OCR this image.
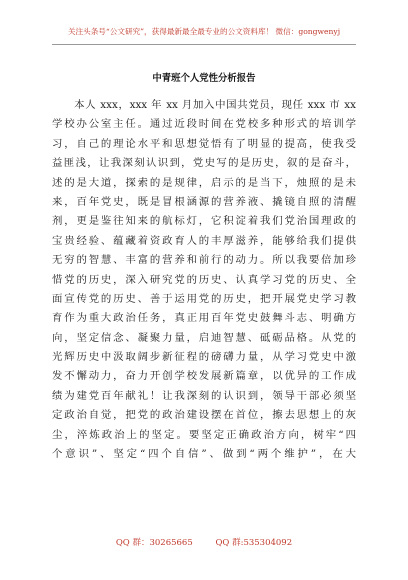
关注头条号“公文研究”，获得最新最全最专业的公文资料库！ 微信：gongwenyj
中青班个人党性分析报告
　　本人 xxx，xxx 年 xx 月加入中国共党员，现任 xxx 市 xx
学校办公室主任。通过近段时间在党校多种形式的培训学
习，自己的理论水平和思想觉悟有了明显的提高，使我受
益匪浅，让我深刻认识到，党史写的是历史，叙的是奋斗，
述的是大道，探索的是规律，启示的是当下，烛照的是未
来，百年党史，既是冒根涵源的营养液、撬镜自照的清醒
剂，更是鉴往知来的航标灯，它积淀着我们党治国理政的
宝贵经验、蕴藏着资政育人的丰厚滋养，能够给我们提供
无穷的智慧、丰富的营养和前行的动力。所以我要倍加珍
惜党的历史，深入研究党的历史、认真学习党的历史、全
面宣传党的历史、善于运用党的历史，把开展党史学习教
育作为重大政治任务，真正用百年党史鼓舞斗志、明确方
向，坚定信念、凝聚力量，启迪智慧、砥砺品格。从党的
光辉历史中汲取阔步新征程的磅礴力量，从学习党史中激
发不懈动力，奋力开创学校发展新篇章，以优异的工作成
绩为建党百年献礼！让我深刻的认识到，领导干部必须坚
定政治自觉，把党的政治建设摆在首位，擦去思想上的灰
尘，淬炼政治上的坚定。要坚定正确政治方向，树牢“四
个意识”、坚定“四个自信”、做到“两个维护”，在大
QQ 群：30265665	QQ 群:535304092
